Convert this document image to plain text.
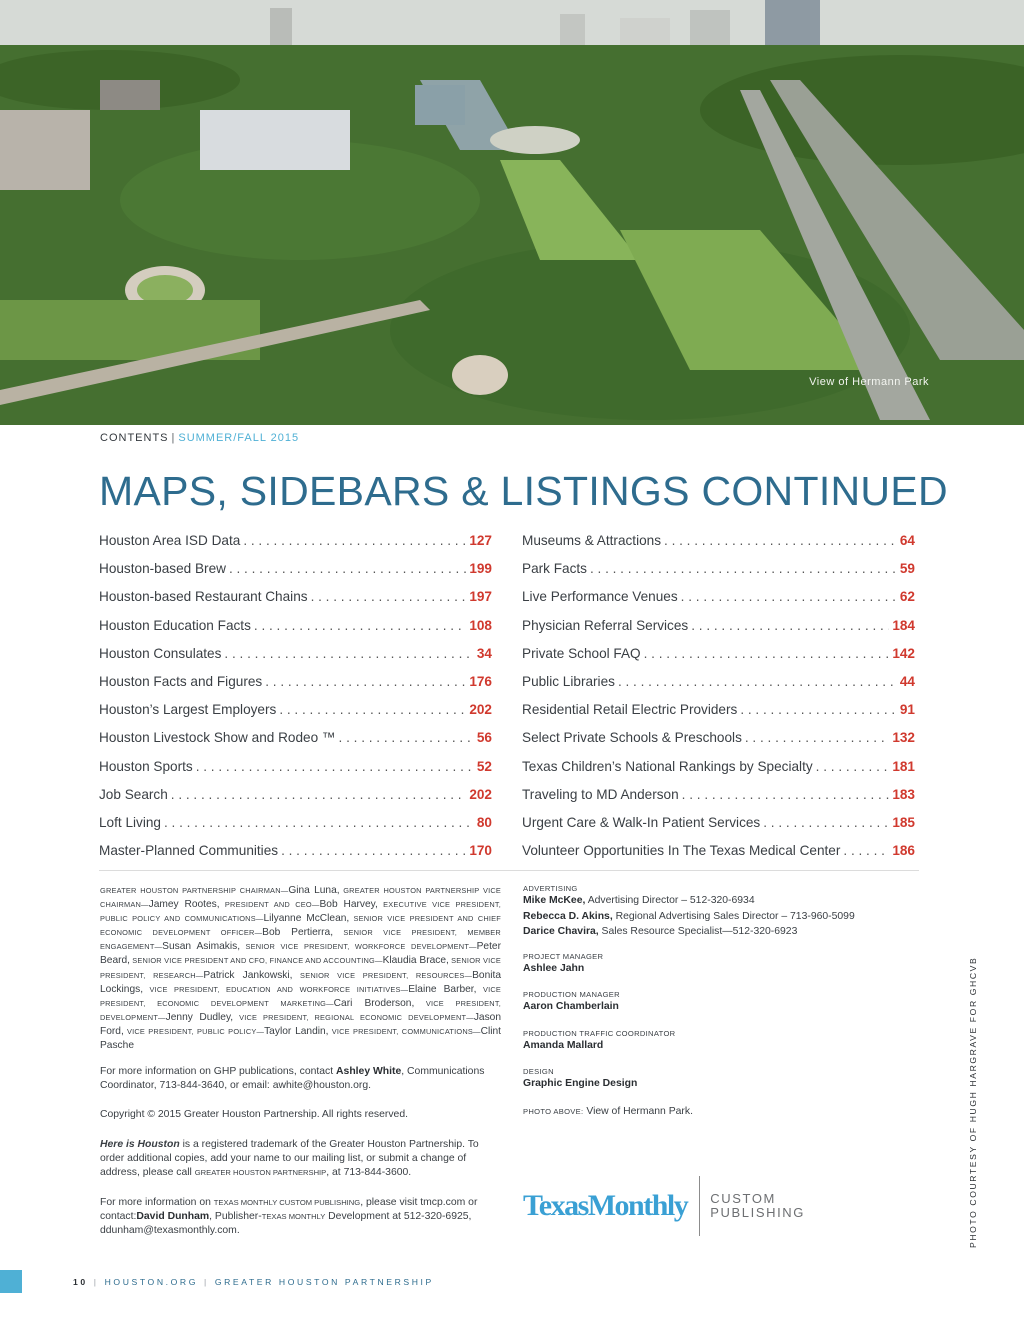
View of Hermann Park
CONTENTS | SUMMER/FALL 2015
MAPS, SIDEBARS & LISTINGS CONTINUED
Houston Area ISD Data . . .	127
Houston-based Brew . . .	199
Houston-based Restaurant Chains . . .	197
Houston Education Facts . . .	108
Houston Consulates . . .	34
Houston Facts and Figures . . .	176
Houston’s Largest Employers . . .	202
Houston Livestock Show and Rodeo ™ . . .	56
Houston Sports . . .	52
Job Search . . .	202
Loft Living . . .	80
Master-Planned Communities . . .	170
Museums & Attractions . . .	64
Park Facts . . .	59
Live Performance Venues . . .	62
Physician Referral Services . . .	184
Private School FAQ . . .	142
Public Libraries . . .	44
Residential Retail Electric Providers . . .	91
Select Private Schools & Preschools . . .	132
Texas Children’s National Rankings by Specialty . . .	181
Traveling to MD Anderson . . .	183
Urgent Care & Walk-In Patient Services . . .	185
Volunteer Opportunities In The Texas Medical Center . . .	186
GREATER HOUSTON PARTNERSHIP CHAIRMAN—Gina Luna, GREATER HOUSTON PARTNERSHIP VICE CHAIRMAN—Jamey Rootes, PRESIDENT AND CEO—Bob Harvey, EXECUTIVE VICE PRESIDENT, PUBLIC POLICY AND COMMUNICATIONS—Lilyanne McClean, SENIOR VICE PRESIDENT AND CHIEF ECONOMIC DEVELOPMENT OFFICER—Bob Pertierra, SENIOR VICE PRESIDENT, MEMBER ENGAGEMENT—Susan Asimakis, SENIOR VICE PRESIDENT, WORKFORCE DEVELOPMENT—Peter Beard, SENIOR VICE PRESIDENT AND CFO, FINANCE AND ACCOUNTING—Klaudia Brace, SENIOR VICE PRESIDENT, RESEARCH—Patrick Jankowski, SENIOR VICE PRESIDENT, RESOURCES—Bonita Lockings, VICE PRESIDENT, EDUCATION AND WORKFORCE INITIATIVES—Elaine Barber, VICE PRESIDENT, ECONOMIC DEVELOPMENT MARKETING—Cari Broderson, VICE PRESIDENT, DEVELOPMENT—Jenny Dudley, VICE PRESIDENT, REGIONAL ECONOMIC DEVELOPMENT—Jason Ford, VICE PRESIDENT, PUBLIC POLICY—Taylor Landin, VICE PRESIDENT, COMMUNICATIONS—Clint Pasche
For more information on GHP publications, contact Ashley White, Communications Coordinator, 713-844-3640, or email: awhite@houston.org.
Copyright © 2015 Greater Houston Partnership. All rights reserved.
Here is Houston is a registered trademark of the Greater Houston Partnership. To order additional copies, add your name to our mailing list, or submit a change of address, please call GREATER HOUSTON PARTNERSHIP, at 713-844-3600.
For more information on TEXAS MONTHLY CUSTOM PUBLISHING, please visit tmcp.com or contact:David Dunham, Publisher-TEXAS MONTHLY Development at 512-320-6925, ddunham@texasmonthly.com.
ADVERTISING
Mike McKee, Advertising Director – 512-320-6934
Rebecca D. Akins, Regional Advertising Sales Director – 713-960-5099
Darice Chavira, Sales Resource Specialist—512-320-6923
PROJECT MANAGER
Ashlee Jahn
PRODUCTION MANAGER
Aaron Chamberlain
PRODUCTION TRAFFIC COORDINATOR
Amanda Mallard
DESIGN
Graphic Engine Design
PHOTO ABOVE: View of Hermann Park.
TexasMonthly CUSTOM
PUBLISHING	PHOTO COURTESY OF HUGH HARGRAVE FOR GHCVB
10 | HOUSTON.ORG | GREATER HOUSTON PARTNERSHIP
